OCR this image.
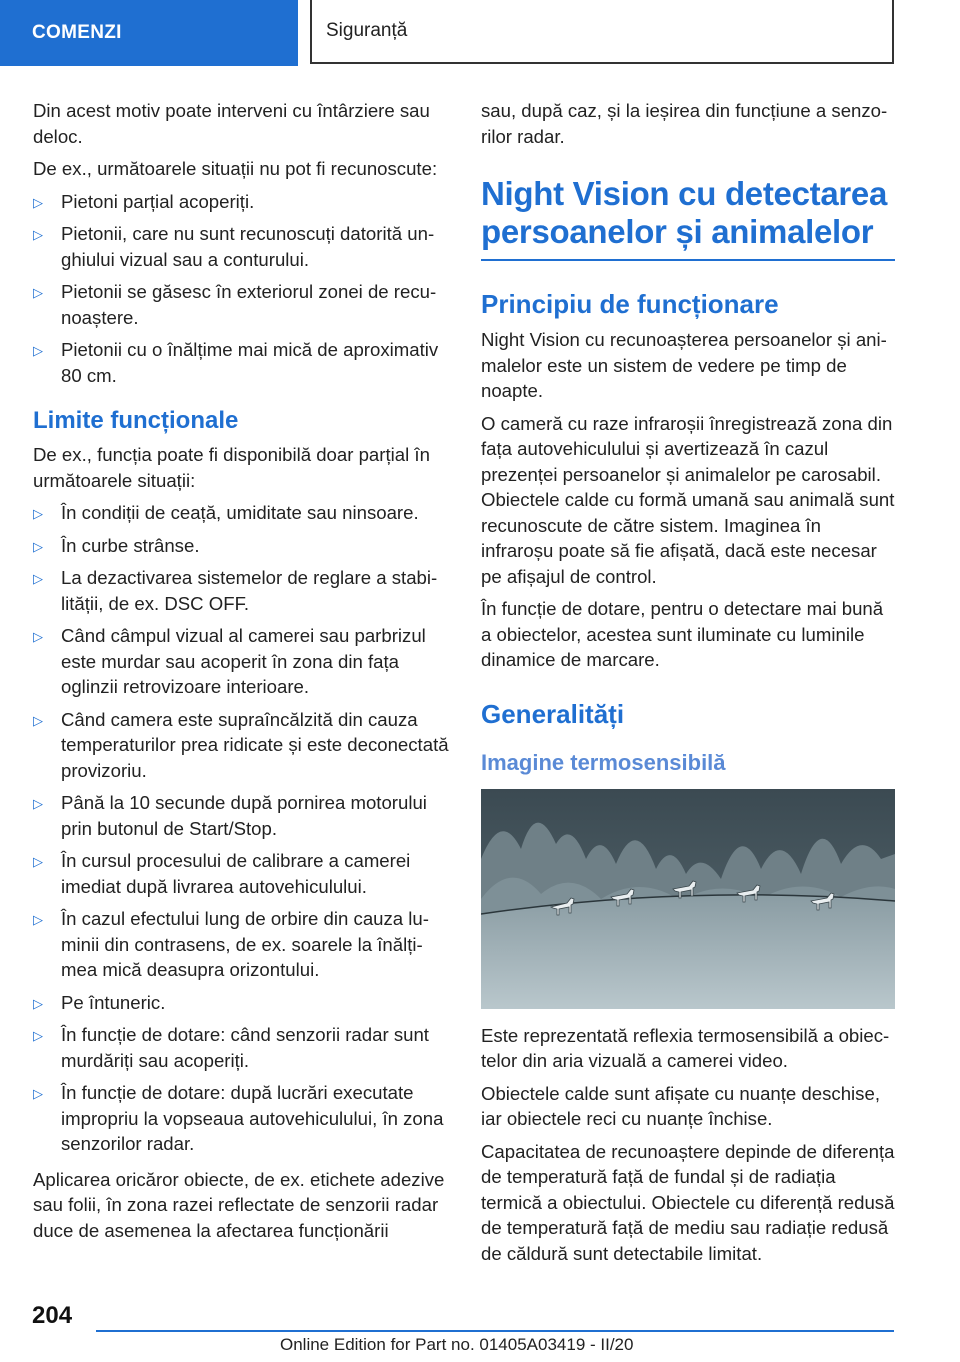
COMENZI	Siguranță

Din acest motiv poate interveni cu întârziere sau deloc.

De ex., următoarele situații nu pot fi recunoscute:

▷ Pietoni parțial acoperiți.
▷ Pietonii, care nu sunt recunoscuți datorită unghiului vizual sau a conturului.
▷ Pietonii se găsesc în exteriorul zonei de recunoaștere.
▷ Pietonii cu o înălțime mai mică de aproximativ 80 cm.
Limite funcționale

De ex., funcția poate fi disponibilă doar parțial în următoarele situații:

▷ În condiții de ceață, umiditate sau ninsoare.
▷ În curbe strânse.
▷ La dezactivarea sistemelor de reglare a stabilității, de ex. DSC OFF.
▷ Când câmpul vizual al camerei sau parbrizul este murdar sau acoperit în zona din fața oglinzii retrovizoare interioare.
▷ Când camera este supraîncălzită din cauza temperaturilor prea ridicate și este deconectată provizoriu.
▷ Până la 10 secunde după pornirea motorului prin butonul de Start/Stop.
▷ În cursul procesului de calibrare a camerei imediat după livrarea autovehiculului.
▷ În cazul efectului lung de orbire din cauza luminii din contrasens, de ex. soarele la înălțimea mică deasupra orizontului.
▷ Pe întuneric.
▷ În funcție de dotare: când senzorii radar sunt murdăriți sau acoperiți.
▷ În funcție de dotare: după lucrări executate impropriu la vopseaua autovehiculului, în zona senzorilor radar.

Aplicarea oricăror obiecte, de ex. etichete adezive sau folii, în zona razei reflectate de senzorii radar duce de asemenea la afectarea funcționării

sau, după caz, și la ieșirea din funcțiune a senzorilor radar.

Night Vision cu detectarea persoanelor și animalelor
Principiu de funcționare

Night Vision cu recunoașterea persoanelor și animalelor este un sistem de vedere pe timp de noapte.

O cameră cu raze infraroșii înregistrează zona din fața autovehiculului și avertizează în cazul prezenței persoanelor și animalelor pe carosabil. Obiectele calde cu formă umană sau animală sunt recunoscute de către sistem. Imaginea în infraroșu poate să fie afișată, dacă este necesar pe afișajul de control.

În funcție de dotare, pentru o detectare mai bună a obiectelor, acestea sunt iluminate cu luminile dinamice de marcare.

Generalități
Imagine termosensibilă

Este reprezentată reflexia termosensibilă a obiectelor din aria vizuală a camerei video.

Obiectele calde sunt afișate cu nuanțe deschise, iar obiectele reci cu nuanțe închise.

Capacitatea de recunoaștere depinde de diferența de temperatură față de fundal și de radiația termică a obiectului. Obiectele cu diferență redusă de temperatură față de mediu sau radiație redusă de căldură sunt detectabile limitat.

204
Online Edition for Part no. 01405A03419 - II/20
